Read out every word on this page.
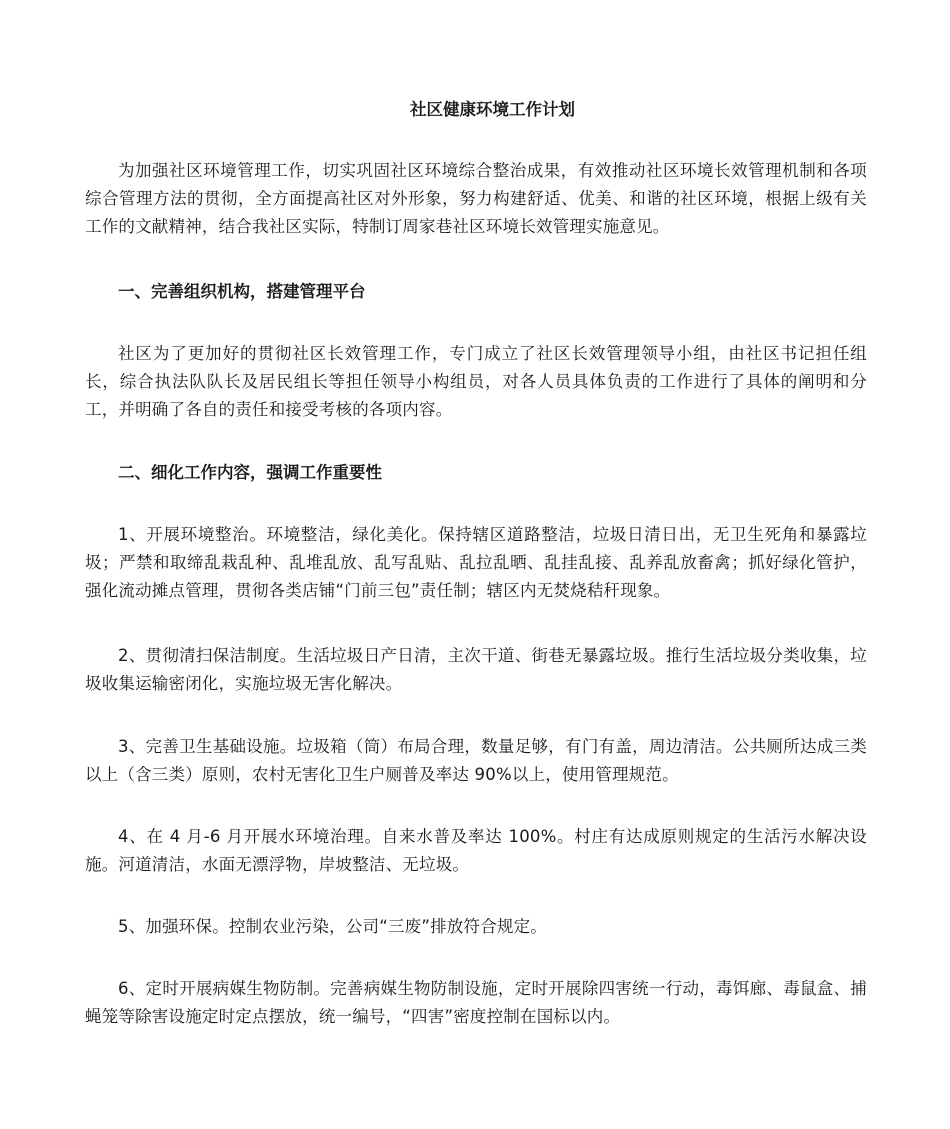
社区健康环境工作计划

为加强社区环境管理工作，切实巩固社区环境综合整治成果，有效推动社区环境长效管理机制和各项综合管理方法的贯彻，全方面提高社区对外形象，努力构建舒适、优美、和谐的社区环境，根据上级有关工作的文献精神，结合我社区实际，特制订周家巷社区环境长效管理实施意见。

一、完善组织机构，搭建管理平台

社区为了更加好的贯彻社区长效管理工作，专门成立了社区长效管理领导小组，由社区书记担任组长，综合执法队队长及居民组长等担任领导小构组员，对各人员具体负责的工作进行了具体的阐明和分工，并明确了各自的责任和接受考核的各项内容。

二、细化工作内容，强调工作重要性

1、开展环境整治。环境整洁，绿化美化。保持辖区道路整洁，垃圾日清日出，无卫生死角和暴露垃圾；严禁和取缔乱栽乱种、乱堆乱放、乱写乱贴、乱拉乱晒、乱挂乱接、乱养乱放畜禽；抓好绿化管护，强化流动摊点管理，贯彻各类店铺“门前三包”责任制；辖区内无焚烧秸秆现象。

2、贯彻清扫保洁制度。生活垃圾日产日清，主次干道、街巷无暴露垃圾。推行生活垃圾分类收集，垃圾收集运输密闭化，实施垃圾无害化解决。

3、完善卫生基础设施。垃圾箱（筒）布局合理，数量足够，有门有盖，周边清洁。公共厕所达成三类以上（含三类）原则，农村无害化卫生户厕普及率达 90%以上，使用管理规范。

4、在 4 月-6 月开展水环境治理。自来水普及率达 100%。村庄有达成原则规定的生活污水解决设施。河道清洁，水面无漂浮物，岸坡整洁、无垃圾。

5、加强环保。控制农业污染，公司“三废”排放符合规定。

6、定时开展病媒生物防制。完善病媒生物防制设施，定时开展除四害统一行动，毒饵廊、毒鼠盒、捕蝇笼等除害设施定时定点摆放，统一编号，“四害”密度控制在国标以内。
